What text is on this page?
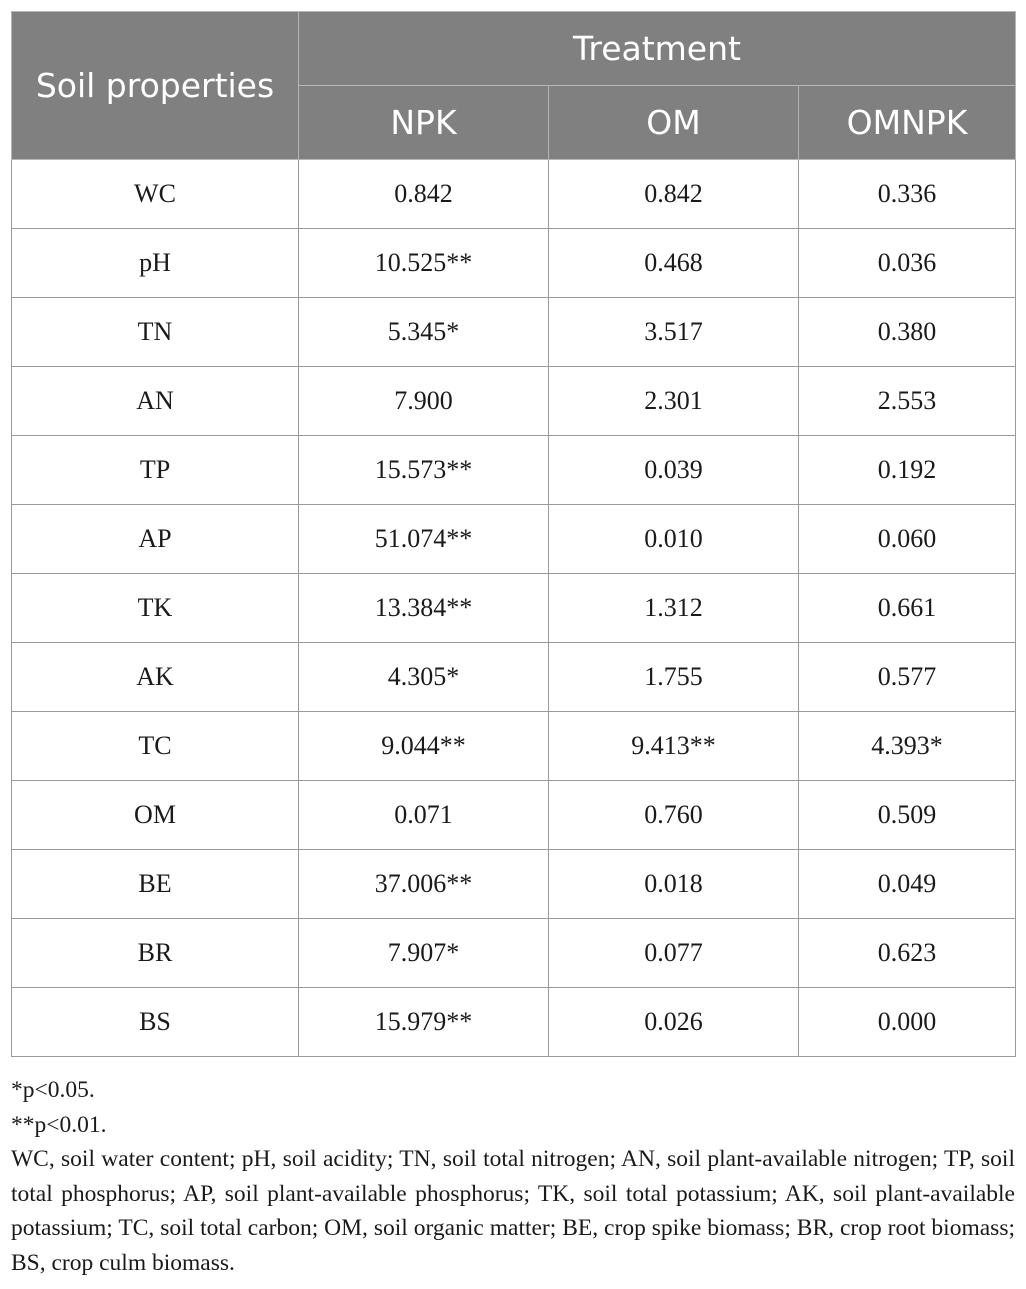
Soil properties	Treatment		
	NPK	OM	OMNPK
WC	0.842	0.842	0.336
pH	10.525**	0.468	0.036
TN	5.345*	3.517	0.380
AN	7.900	2.301	2.553
TP	15.573**	0.039	0.192
AP	51.074**	0.010	0.060
TK	13.384**	1.312	0.661
AK	4.305*	1.755	0.577
TC	9.044**	9.413**	4.393*
OM	0.071	0.760	0.509
BE	37.006**	0.018	0.049
BR	7.907*	0.077	0.623
BS	15.979**	0.026	0.000

*p<0.05.

**p<0.01.

WC, soil water content; pH, soil acidity; TN, soil total nitrogen; AN, soil plant-available nitrogen; TP, soil total phosphorus; AP, soil plant-available phosphorus; TK, soil total potassium; AK, soil plant-available potassium; TC, soil total carbon; OM, soil organic matter; BE, crop spike biomass; BR, crop root biomass; BS, crop culm biomass.
